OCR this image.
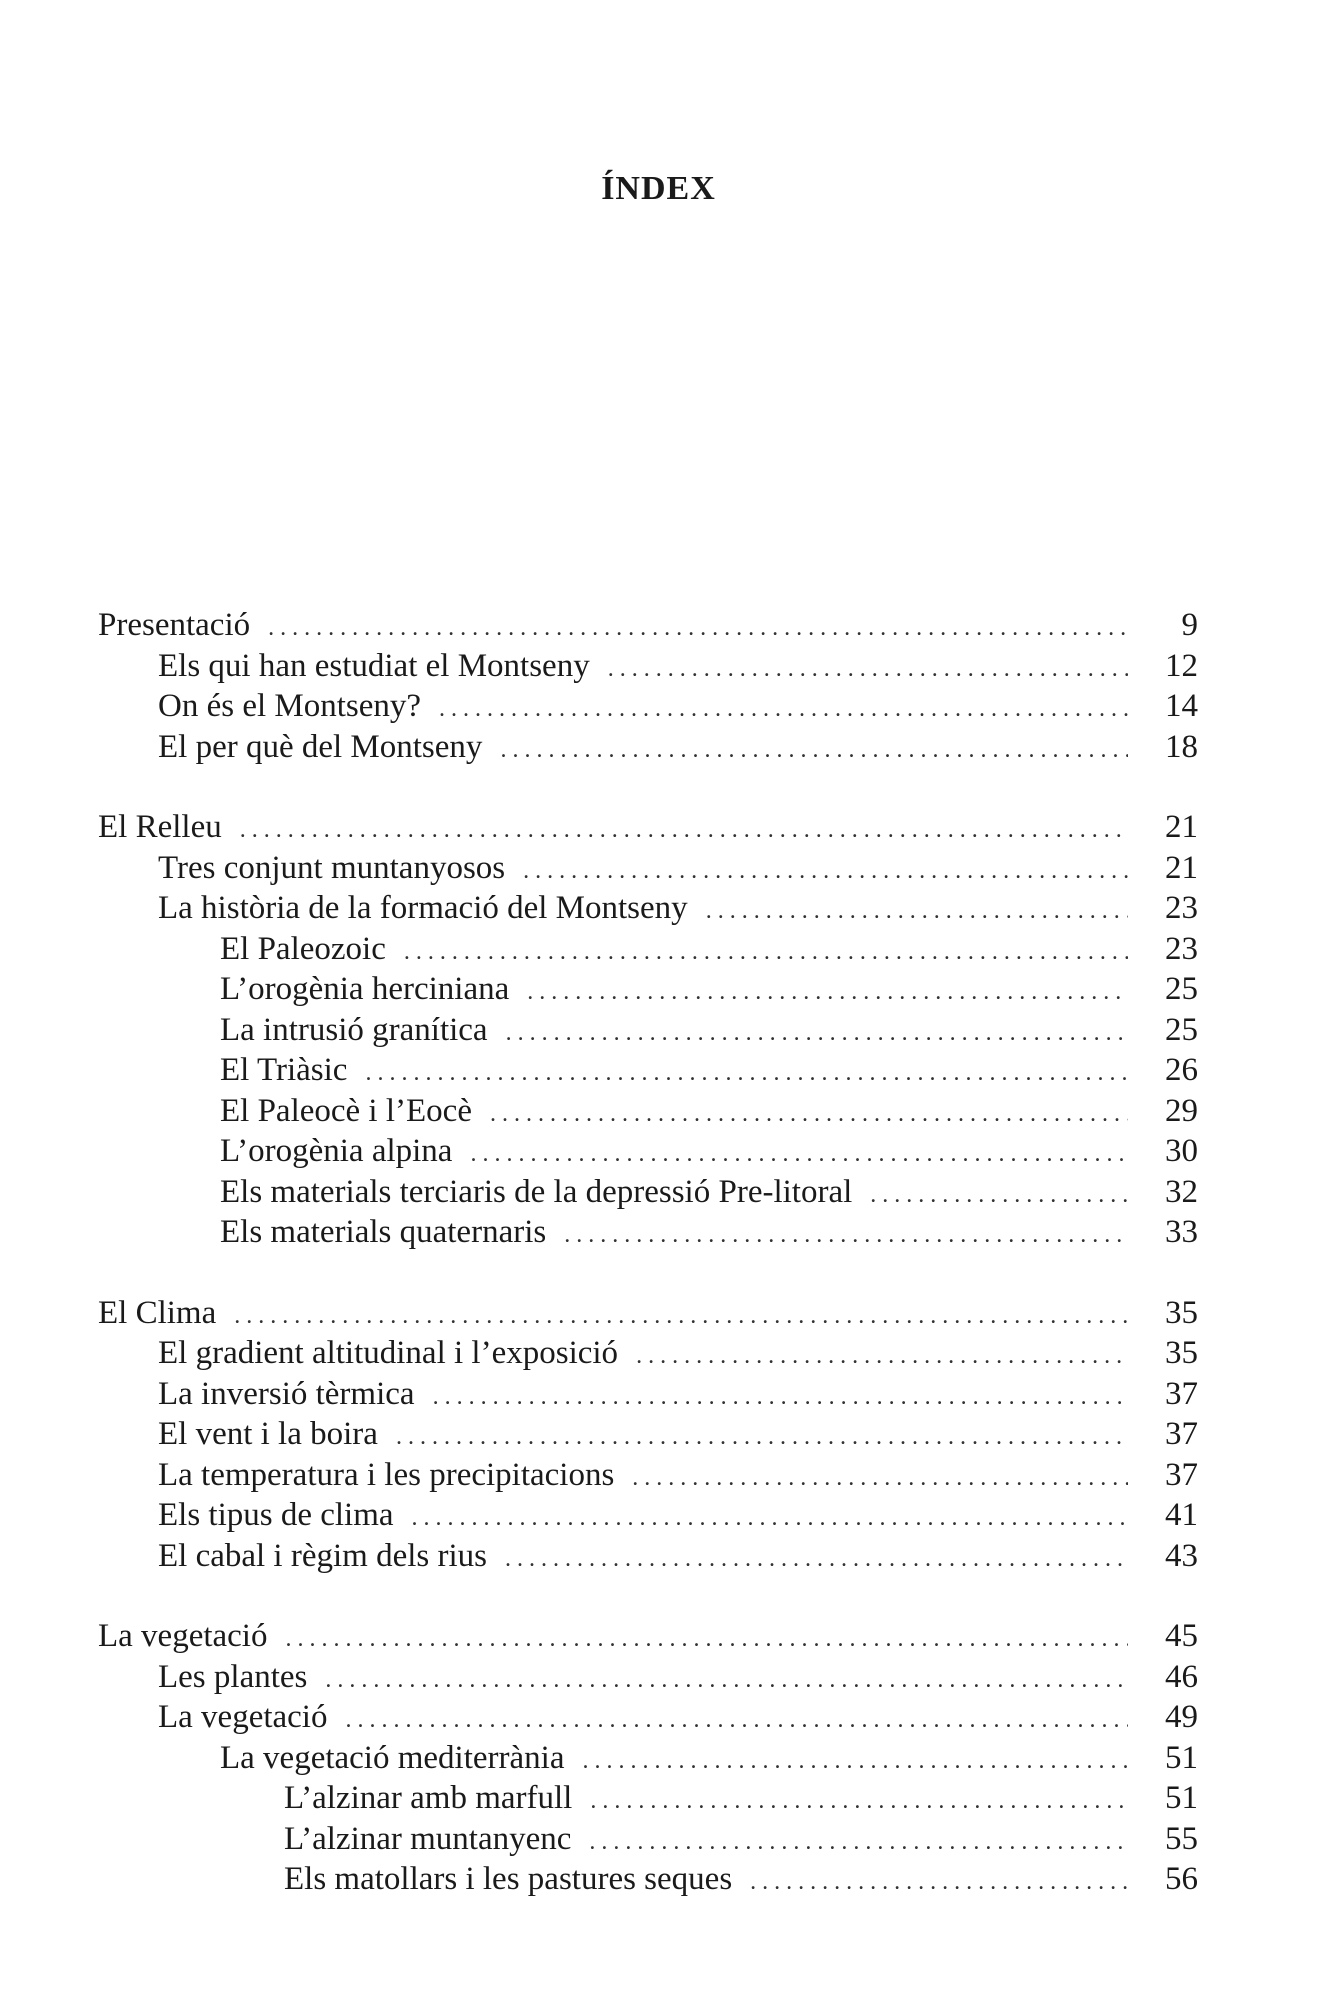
ÍNDEX
Presentació . . .	9
Els qui han estudiat el Montseny . . .	12
On és el Montseny? . . .	14
El per què del Montseny . . .	18
El Relleu . . .	21
Tres conjunt muntanyosos . . .	21
La història de la formació del Montseny . . .	23
El Paleozoic . . .	23
L’orogènia herciniana . . .	25
La intrusió granítica . . .	25
El Triàsic . . .	26
El Paleocè i l’Eocè . . .	29
L’orogènia alpina . . .	30
Els materials terciaris de la depressió Pre-litoral . . .	32
Els materials quaternaris . . .	33
El Clima . . .	35
El gradient altitudinal i l’exposició . . .	35
La inversió tèrmica . . .	37
El vent i la boira . . .	37
La temperatura i les precipitacions . . .	37
Els tipus de clima . . .	41
El cabal i règim dels rius . . .	43
La vegetació . . .	45
Les plantes . . .	46
La vegetació . . .	49
La vegetació mediterrània . . .	51
L’alzinar amb marfull . . .	51
L’alzinar muntanyenc . . .	55
Els matollars i les pastures seques . . .	56
